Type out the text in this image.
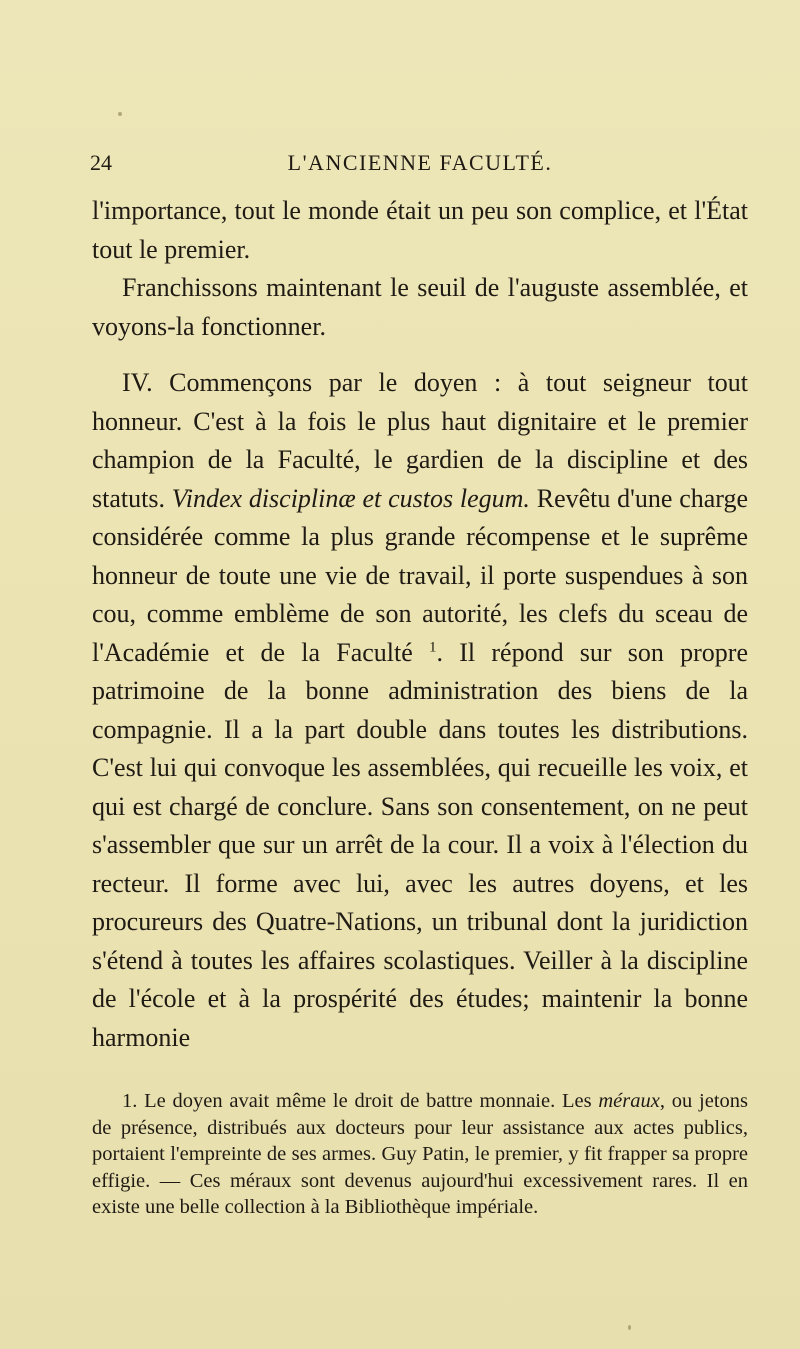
24	L'ANCIENNE FACULTÉ.

l'importance, tout le monde était un peu son complice, et l'État tout le premier.

Franchissons maintenant le seuil de l'auguste assemblée, et voyons-la fonctionner.

IV. Commençons par le doyen : à tout seigneur tout honneur. C'est à la fois le plus haut dignitaire et le premier champion de la Faculté, le gardien de la discipline et des statuts. Vindex disciplinæ et custos legum. Revêtu d'une charge considérée comme la plus grande récompense et le suprême honneur de toute une vie de travail, il porte suspendues à son cou, comme emblème de son autorité, les clefs du sceau de l'Académie et de la Faculté $^1$. Il répond sur son propre patrimoine de la bonne administration des biens de la compagnie. Il a la part double dans toutes les distributions. C'est lui qui convoque les assemblées, qui recueille les voix, et qui est chargé de conclure. Sans son consentement, on ne peut s'assembler que sur un arrêt de la cour. Il a voix à l'élection du recteur. Il forme avec lui, avec les autres doyens, et les procureurs des Quatre-Nations, un tribunal dont la juridiction s'étend à toutes les affaires scolastiques. Veiller à la discipline de l'école et à la prospérité des études; maintenir la bonne harmonie

1. Le doyen avait même le droit de battre monnaie. Les méraux, ou jetons de présence, distribués aux docteurs pour leur assistance aux actes publics, portaient l'empreinte de ses armes. Guy Patin, le premier, y fit frapper sa propre effigie. — Ces méraux sont devenus aujourd'hui excessivement rares. Il en existe une belle collection à la Bibliothèque impériale.
